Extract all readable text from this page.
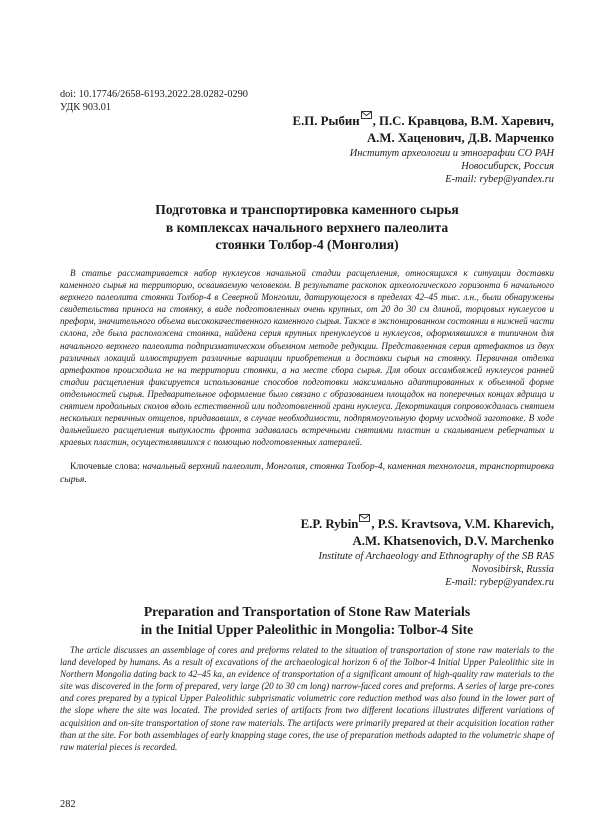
doi: 10.17746/2658-6193.2022.28.0282-0290
УДК 903.01
Е.П. Рыбин , П.С. Кравцова, В.М. Харевич,
А.М. Хаценович, Д.В. Марченко
Институт археологии и этнографии СО РАН
Новосибирск, Россия
E-mail: rybep@yandex.ru
Подготовка и транспортировка каменного сырья
в комплексах начального верхнего палеолита
стоянки Толбор-4 (Монголия)

В статье рассматривается набор нуклеусов начальной стадии расщепления, относящихся к ситуации доставки каменного сырья на территорию, осваиваемую человеком. В результате раскопок археологического горизонта 6 начального верхнего палеолита стоянки Толбор-4 в Северной Монголии, датирующегося в пределах 42–45 тыс. л.н., были обнаружены свидетельства приноса на стоянку, в виде подготовленных очень крупных, от 20 до 30 см длиной, торцовых нуклеусов и преформ, значительного объема высококачественного каменного сырья. Также в экспонированном состоянии в нижней части склона, где была расположена стоянка, найдена серия крупных пренуклеусов и нуклеусов, оформлявшихся в типичном для начального верхнего палеолита подпризматическом объемном методе редукции. Представленная серия артефактов из двух различных локаций иллюстрирует различные вариации приобретения и доставки сырья на стоянку. Первичная отделка артефактов происходила не на территории стоянки, а на месте сбора сырья. Для обоих ассамбляжей нуклеусов ранней стадии расщепления фиксируется использование способов подготовки максимально адаптированных к объемной форме отдельностей сырья. Предварительное оформление было связано с образованием площадок на поперечных концах ядрища и снятием продольных сколов вдоль естественной или подготовленной грани нуклеуса. Декортикация сопровождалась снятием нескольких первичных отщепов, придававших, в случае необходимости, подпрямоугольную форму исходной заготовке. В ходе дальнейшего расщепления выпуклость фронта задавалась встречными снятиями пластин и скалыванием реберчатых и краевых пластин, осуществлявшихся с помощью подготовленных латералей.

Ключевые слова: начальный верхний палеолит, Монголия, стоянка Толбор-4, каменная технология, транспортировка сырья.
E.P. Rybin , P.S. Kravtsova, V.M. Kharevich,
A.M. Khatsenovich, D.V. Marchenko
Institute of Archaeology and Ethnography of the SB RAS
Novosibirsk, Russia
E-mail: rybep@yandex.ru
Preparation and Transportation of Stone Raw Materials
in the Initial Upper Paleolithic in Mongolia: Tolbor-4 Site

The article discusses an assemblage of cores and preforms related to the situation of transportation of stone raw materials to the land developed by humans. As a result of excavations of the archaeological horizon 6 of the Tolbor-4 Initial Upper Paleolithic site in Northern Mongolia dating back to 42–45 ka, an evidence of transportation of a significant amount of high-quality raw materials to the site was discovered in the form of prepared, very large (20 to 30 cm long) narrow-faced cores and preforms. A series of large pre-cores and cores prepared by a typical Upper Paleolithic subprismatic volumetric core reduction method was also found in the lower part of the slope where the site was located. The provided series of artifacts from two different locations illustrates different variations of acquisition and on-site transportation of stone raw materials. The artifacts were primarily prepared at their acquisition location rather than at the site. For both assemblages of early knapping stage cores, the use of preparation methods adapted to the volumetric shape of raw material pieces is recorded.

282
